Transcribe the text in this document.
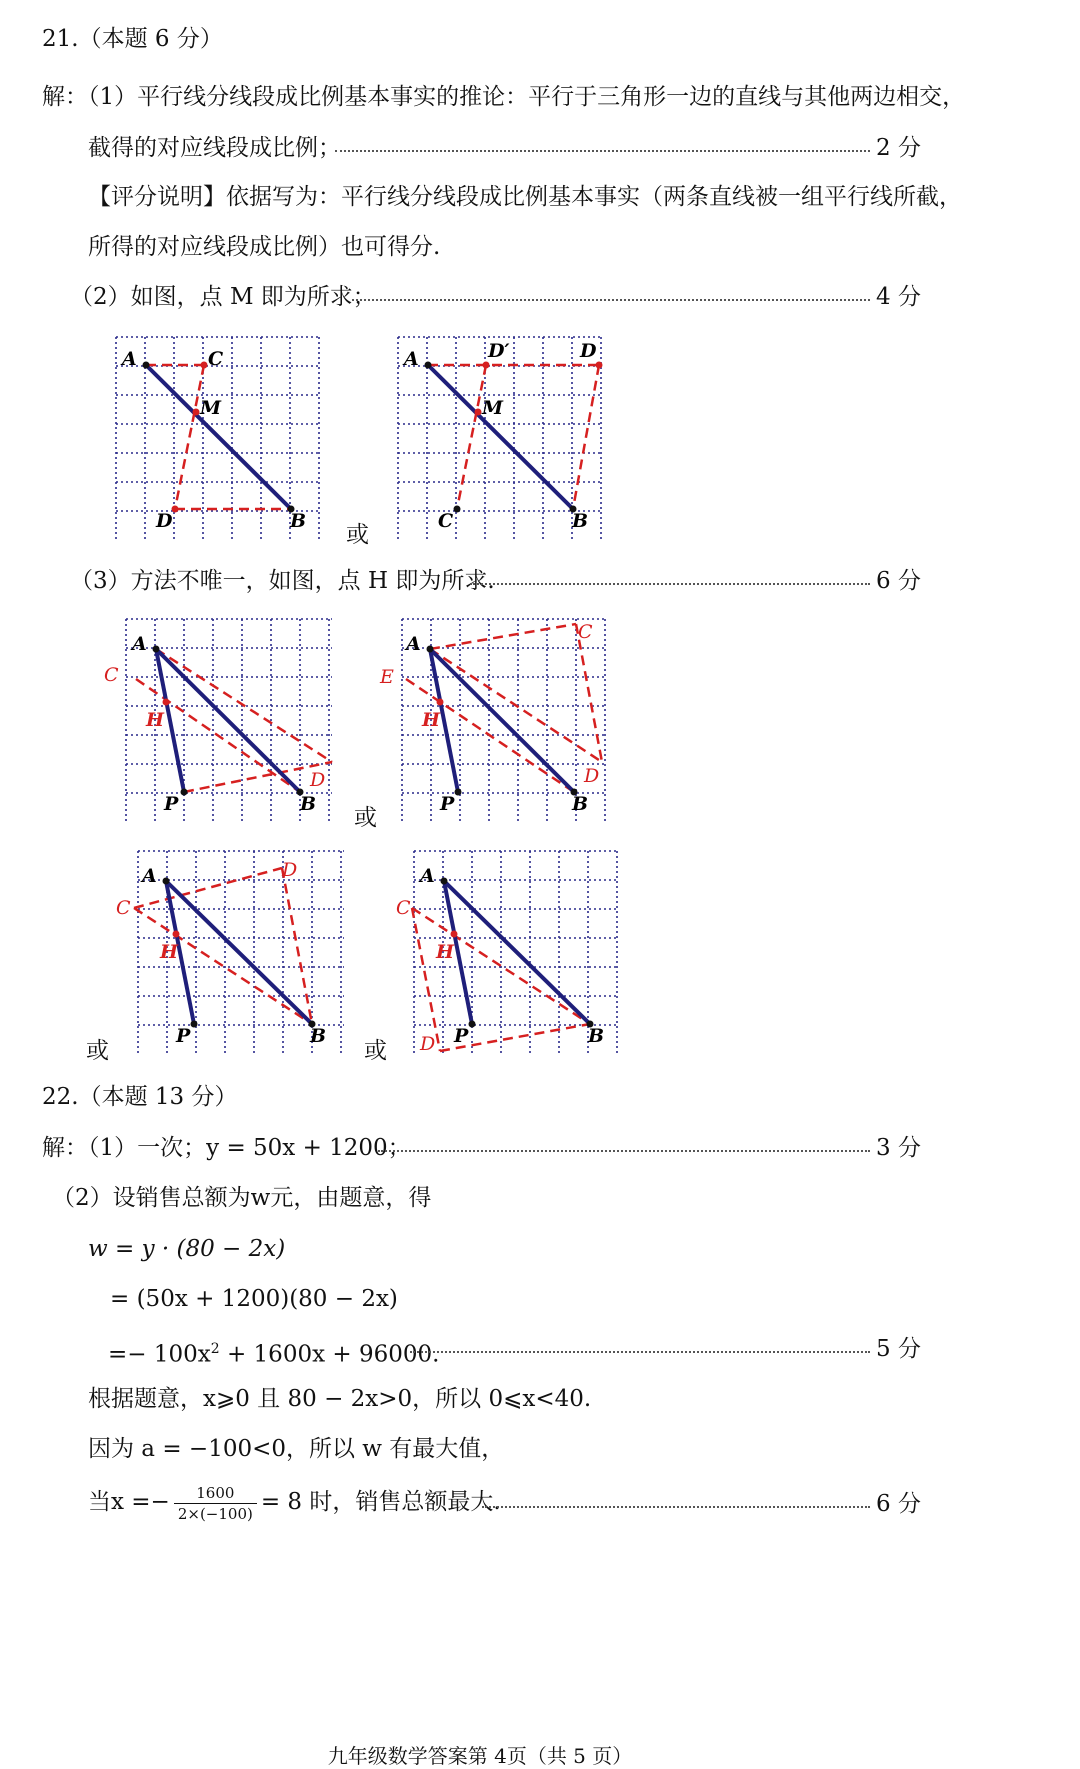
21.（本题 6 分）
解：（1）平行线分线段成比例基本事实的推论：平行于三角形一边的直线与其他两边相交，
截得的对应线段成比例；	2 分
【评分说明】依据写为：平行线分线段成比例基本事实（两条直线被一组平行线所截，
所得的对应线段成比例）也可得分.
（2）如图，点 M 即为所求；	4 分
A	C
M
D	B
或
A	D′	D
M
C	B
（3）方法不唯一，如图，点 H 即为所求.	6 分
A
C
H
P	B
D
或
A
C
E
H
P	B
D
A	D
C
H
P	B
或	或
A
C
H
D P	B
22.（本题 13 分）
解：（1）一次；y = 50x + 1200；	3 分
（2）设销售总额为w元，由题意，得
w = y · (80 − 2x)
= (50x + 1200)(80 − 2x)
=− $100x^2 + 1600x + 96000$.	5 分
根据题意，x⩾0 且 80 − 2x>0，所以 0⩽x<40.
因为 a = −100<0，所以 w 有最大值，
当$x =- \frac{1600}{2\times(-100)} = 8$ 时，销售总额最大.	6 分
九年级数学答案第 4页（共 5 页）
